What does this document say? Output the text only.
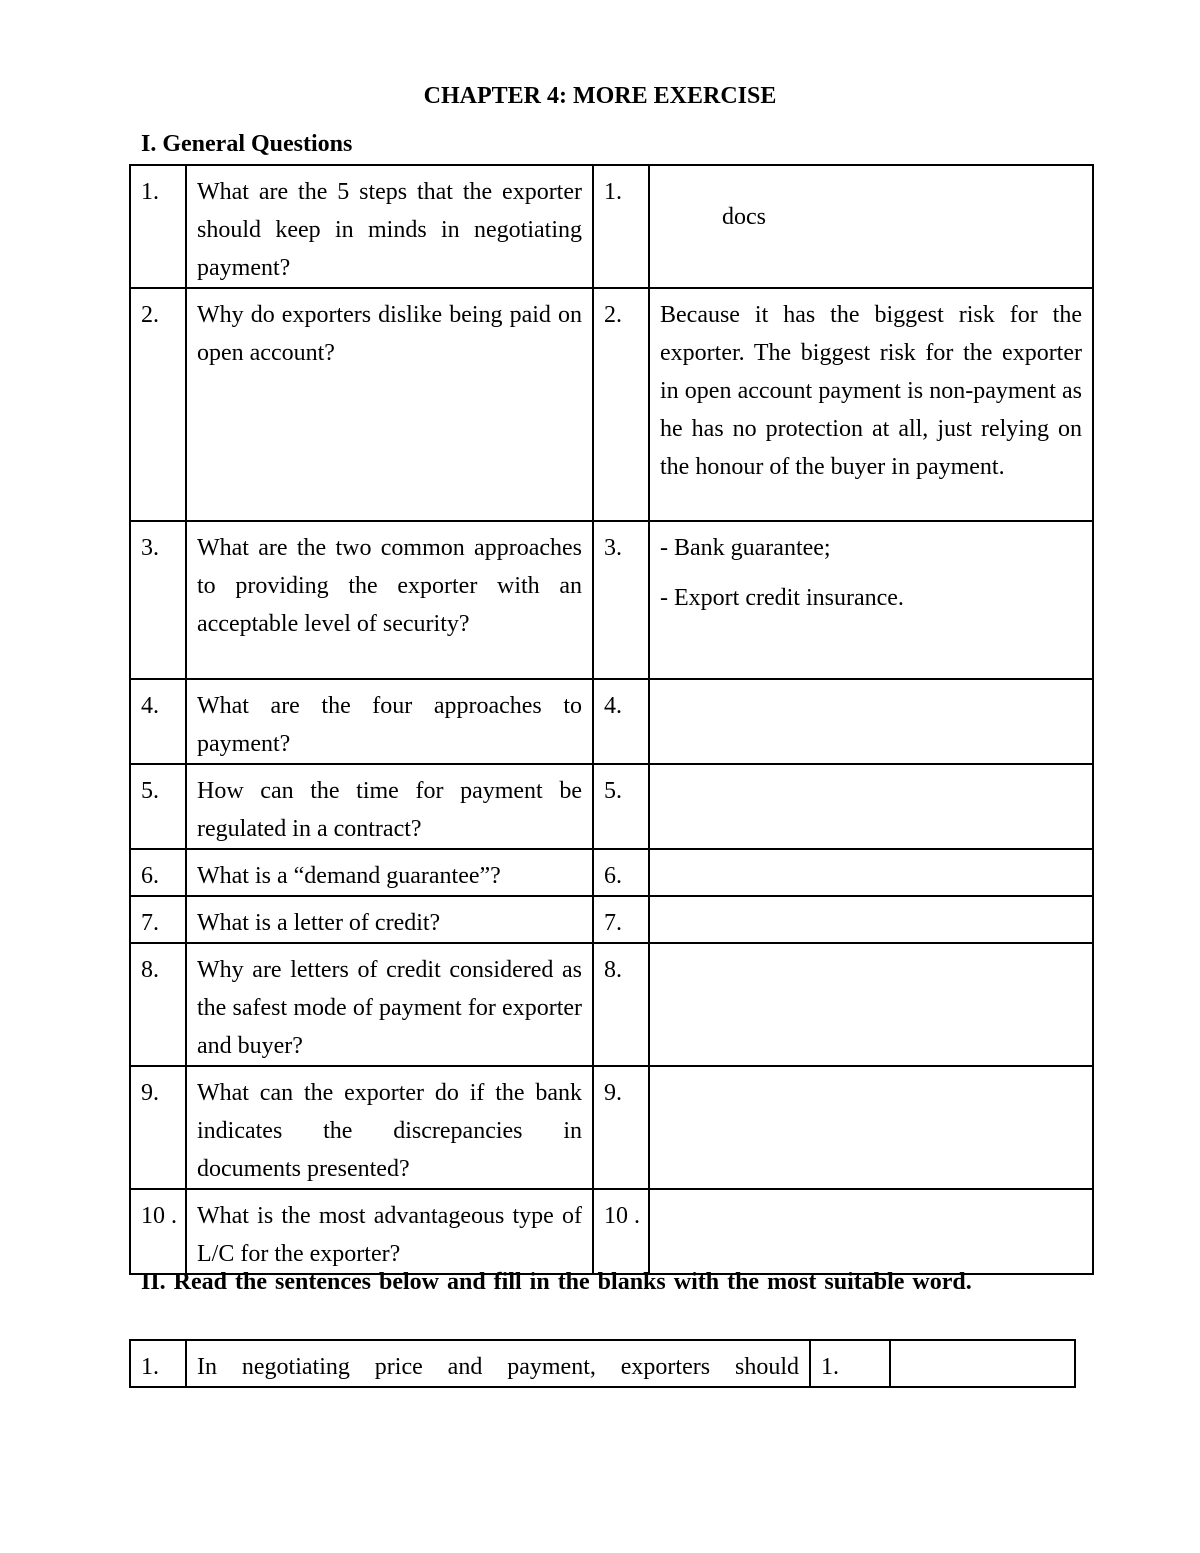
CHAPTER 4: MORE EXERCISE
I. General Questions
1.	What are the 5 steps that the exporter should keep in minds in negotiating payment?	1.	docs
2.	Why do exporters dislike being paid on open account?	2.	Because it has the biggest risk for the exporter. The biggest risk for the exporter in open account payment is non-payment as he has no protection at all, just relying on the honour of the buyer in payment.
3.	What are the two common approaches to providing the exporter with an acceptable level of security?	3.	- Bank guarantee;
- Export credit insurance.

4.	What are the four approaches to payment?	4.	
5.	How can the time for payment be regulated in a contract?	5.	
6.	What is a “demand guarantee”?	6.	
7.	What is a letter of credit?	7.	
8.	Why are letters of credit considered as the safest mode of payment for exporter and buyer?	8.	
9.	What can the exporter do if the bank indicates the discrepancies in documents presented?	9.	
10 .	What is the most advantageous type of L/C for the exporter?	10 .	
II. Read the sentences below and fill in the blanks with the most suitable word.
1.	In negotiating price and payment, exporters should	1.	
